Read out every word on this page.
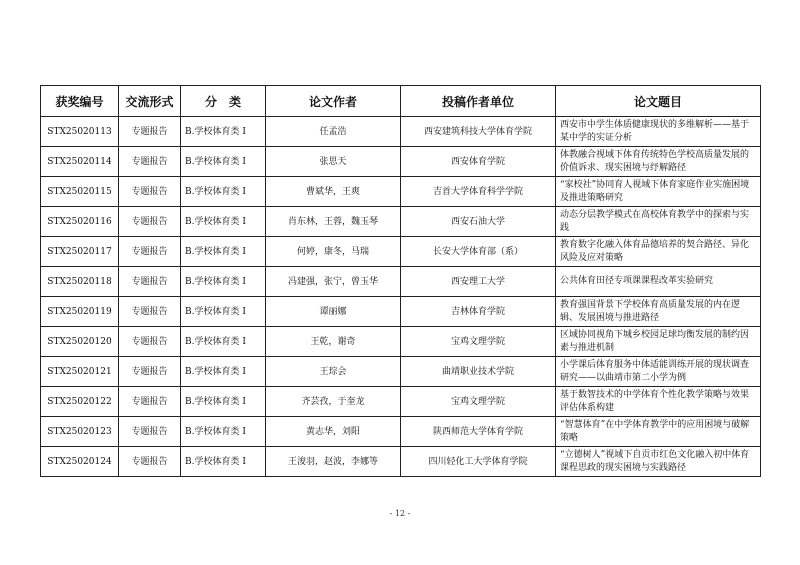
获奖编号	交流形式	分　类	论文作者	投稿作者单位	论文题目
STX25020113	专题报告	B.学校体育类 I	任孟浩	西安建筑科技大学体育学院	西安市中学生体质健康现状的多维解析——基于某中学的实证分析
STX25020114	专题报告	B.学校体育类 I	张思天	西安体育学院	体教融合视域下体育传统特色学校高质量发展的价值诉求、现实困境与纾解路径
STX25020115	专题报告	B.学校体育类 I	曹斌华，王爽	吉首大学体育科学学院	“家校社”协同育人视域下体育家庭作业实施困境及推进策略研究
STX25020116	专题报告	B.学校体育类 I	肖东林，王蓉，魏玉琴	西安石油大学	动态分层教学模式在高校体育教学中的探索与实践
STX25020117	专题报告	B.学校体育类 I	何婷，康冬，马瑞	长安大学体育部（系）	教育数字化融入体育品德培养的契合路径、异化风险及应对策略
STX25020118	专题报告	B.学校体育类 I	冯建强，张宁，曾玉华	西安理工大学	公共体育田径专项课课程改革实验研究
STX25020119	专题报告	B.学校体育类 I	谭丽娜	吉林体育学院	教育强国背景下学校体育高质量发展的内在逻辑、发展困境与推进路径
STX25020120	专题报告	B.学校体育类 I	王乾，谢奇	宝鸡文理学院	区域协同视角下城乡校园足球均衡发展的制约因素与推进机制
STX25020121	专题报告	B.学校体育类 I	王琮会	曲靖职业技术学院	小学课后体育服务中体适能训练开展的现状调查研究——以曲靖市第二小学为例
STX25020122	专题报告	B.学校体育类 I	齐芸孜，于奎龙	宝鸡文理学院	基于数智技术的中学体育个性化教学策略与效果评估体系构建
STX25020123	专题报告	B.学校体育类 I	黄志华，刘阳	陕西师范大学体育学院	“智慧体育”在中学体育教学中的应用困境与破解策略
STX25020124	专题报告	B.学校体育类 I	王浚羽，赵波，李娜等	四川轻化工大学体育学院	“立德树人”视域下自贡市红色文化融入初中体育课程思政的现实困境与实践路径
- 12 -
